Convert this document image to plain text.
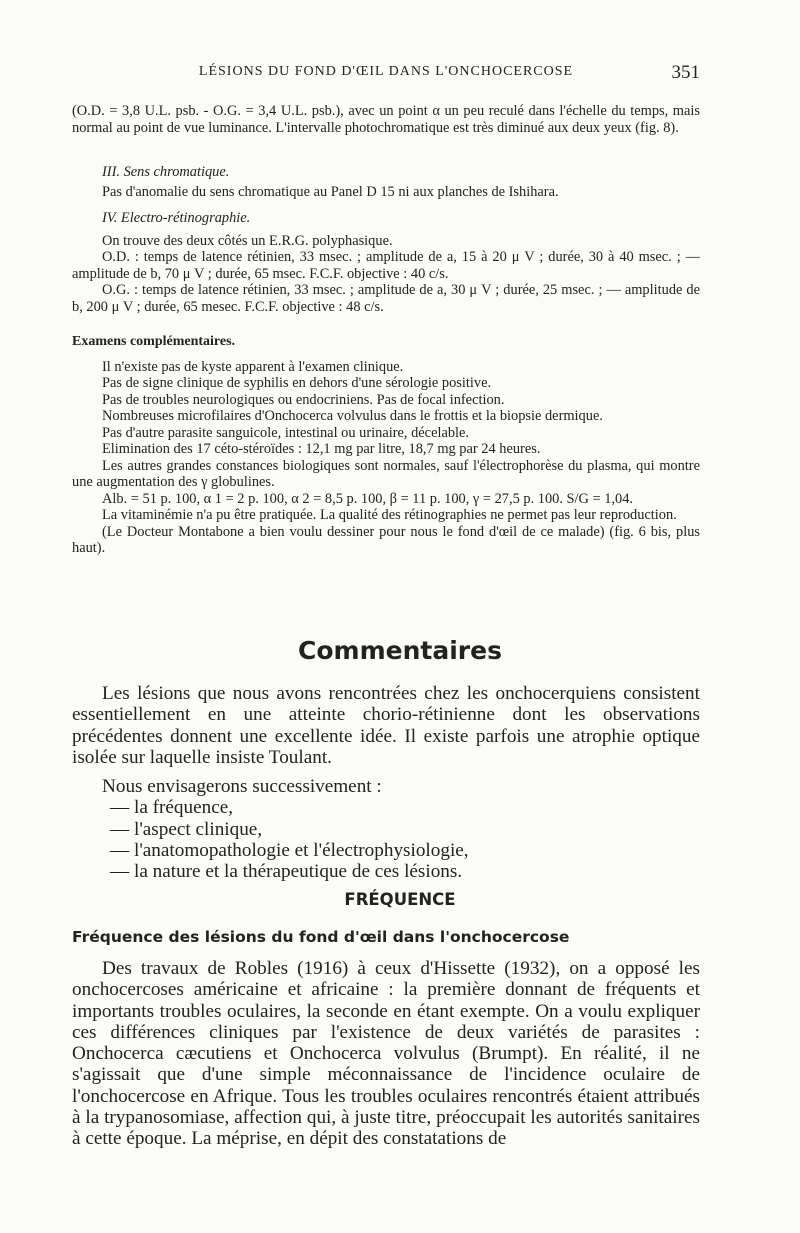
LÉSIONS DU FOND D'ŒIL DANS L'ONCHOCERCOSE	351

(O.D. = 3,8 U.L. psb. - O.G. = 3,4 U.L. psb.), avec un point α un peu reculé dans l'échelle du temps, mais normal au point de vue luminance. L'intervalle photochromatique est très diminué aux deux yeux (fig. 8).

III. Sens chromatique.

Pas d'anomalie du sens chromatique au Panel D 15 ni aux planches de Ishihara.

IV. Electro-rétinographie.

On trouve des deux côtés un E.R.G. polyphasique.

O.D. : temps de latence rétinien, 33 msec. ; amplitude de a, 15 à 20 μ V ; durée, 30 à 40 msec. ; — amplitude de b, 70 μ V ; durée, 65 msec. F.C.F. objective : 40 c/s.

O.G. : temps de latence rétinien, 33 msec. ; amplitude de a, 30 μ V ; durée, 25 msec. ; — amplitude de b, 200 μ V ; durée, 65 mesec. F.C.F. objective : 48 c/s.

Examens complémentaires.

Il n'existe pas de kyste apparent à l'examen clinique.

Pas de signe clinique de syphilis en dehors d'une sérologie positive.

Pas de troubles neurologiques ou endocriniens. Pas de focal infection.

Nombreuses microfilaires d'Onchocerca volvulus dans le frottis et la biopsie dermique.

Pas d'autre parasite sanguicole, intestinal ou urinaire, décelable.

Elimination des 17 céto-stéroïdes : 12,1 mg par litre, 18,7 mg par 24 heures.

Les autres grandes constances biologiques sont normales, sauf l'électrophorèse du plasma, qui montre une augmentation des γ globulines.

Alb. = 51 p. 100, α 1 = 2 p. 100, α 2 = 8,5 p. 100, β = 11 p. 100, γ = 27,5 p. 100. S/G = 1,04.

La vitaminémie n'a pu être pratiquée. La qualité des rétinographies ne permet pas leur reproduction.

(Le Docteur Montabone a bien voulu dessiner pour nous le fond d'œil de ce malade) (fig. 6 bis, plus haut).

Commentaires

Les lésions que nous avons rencontrées chez les onchocerquiens consistent essentiellement en une atteinte chorio-rétinienne dont les observations précédentes donnent une excellente idée. Il existe parfois une atrophie optique isolée sur laquelle insiste Toulant.

Nous envisagerons successivement :

— la fréquence,

— l'aspect clinique,

— l'anatomopathologie et l'électrophysiologie,

— la nature et la thérapeutique de ces lésions.

FRÉQUENCE
Fréquence des lésions du fond d'œil dans l'onchocercose

Des travaux de Robles (1916) à ceux d'Hissette (1932), on a opposé les onchocercoses américaine et africaine : la première donnant de fréquents et importants troubles oculaires, la seconde en étant exempte. On a voulu expliquer ces différences cliniques par l'existence de deux variétés de parasites : Onchocerca cæcutiens et Onchocerca volvulus (Brumpt). En réalité, il ne s'agissait que d'une simple méconnaissance de l'incidence oculaire de l'onchocercose en Afrique. Tous les troubles oculaires rencontrés étaient attribués à la trypanosomiase, affection qui, à juste titre, préoccupait les autorités sanitaires à cette époque. La méprise, en dépit des constatations de
